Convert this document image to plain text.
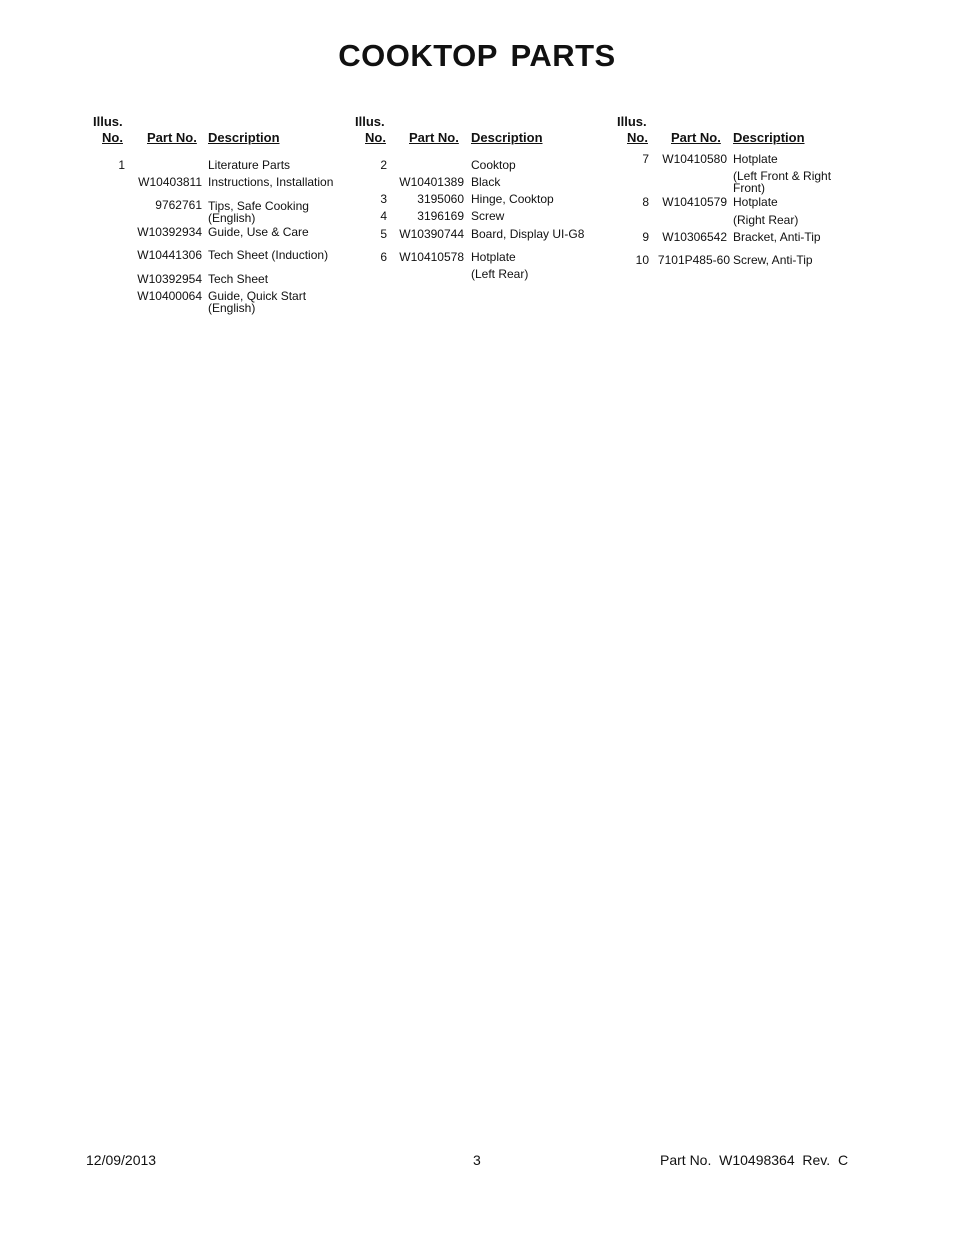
COOKTOP PARTS
Illus.
No. Part No. Description
1	Literature Parts
W10403811 Instructions, Installation
9762761 Tips, Safe Cooking
(English)
W10392934 Guide, Use & Care
W10441306 Tech Sheet (Induction)
W10392954 Tech Sheet
W10400064 Guide, Quick Start
(English)
Illus.
No. Part No. Description
2	Cooktop
W10401389 Black
3	3195060 Hinge, Cooktop
4	3196169 Screw
5	W10390744 Board, Display UI-G8
6	W10410578 Hotplate
(Left Rear)
Illus.
No. Part No. Description
7	W10410580 Hotplate
(Left Front & Right
Front)
8	W10410579 Hotplate
(Right Rear)
9	W10306542 Bracket, Anti-Tip
10 7101P485-60 Screw, Anti-Tip
12/09/2013	3	Part No.  W10498364  Rev.  C
